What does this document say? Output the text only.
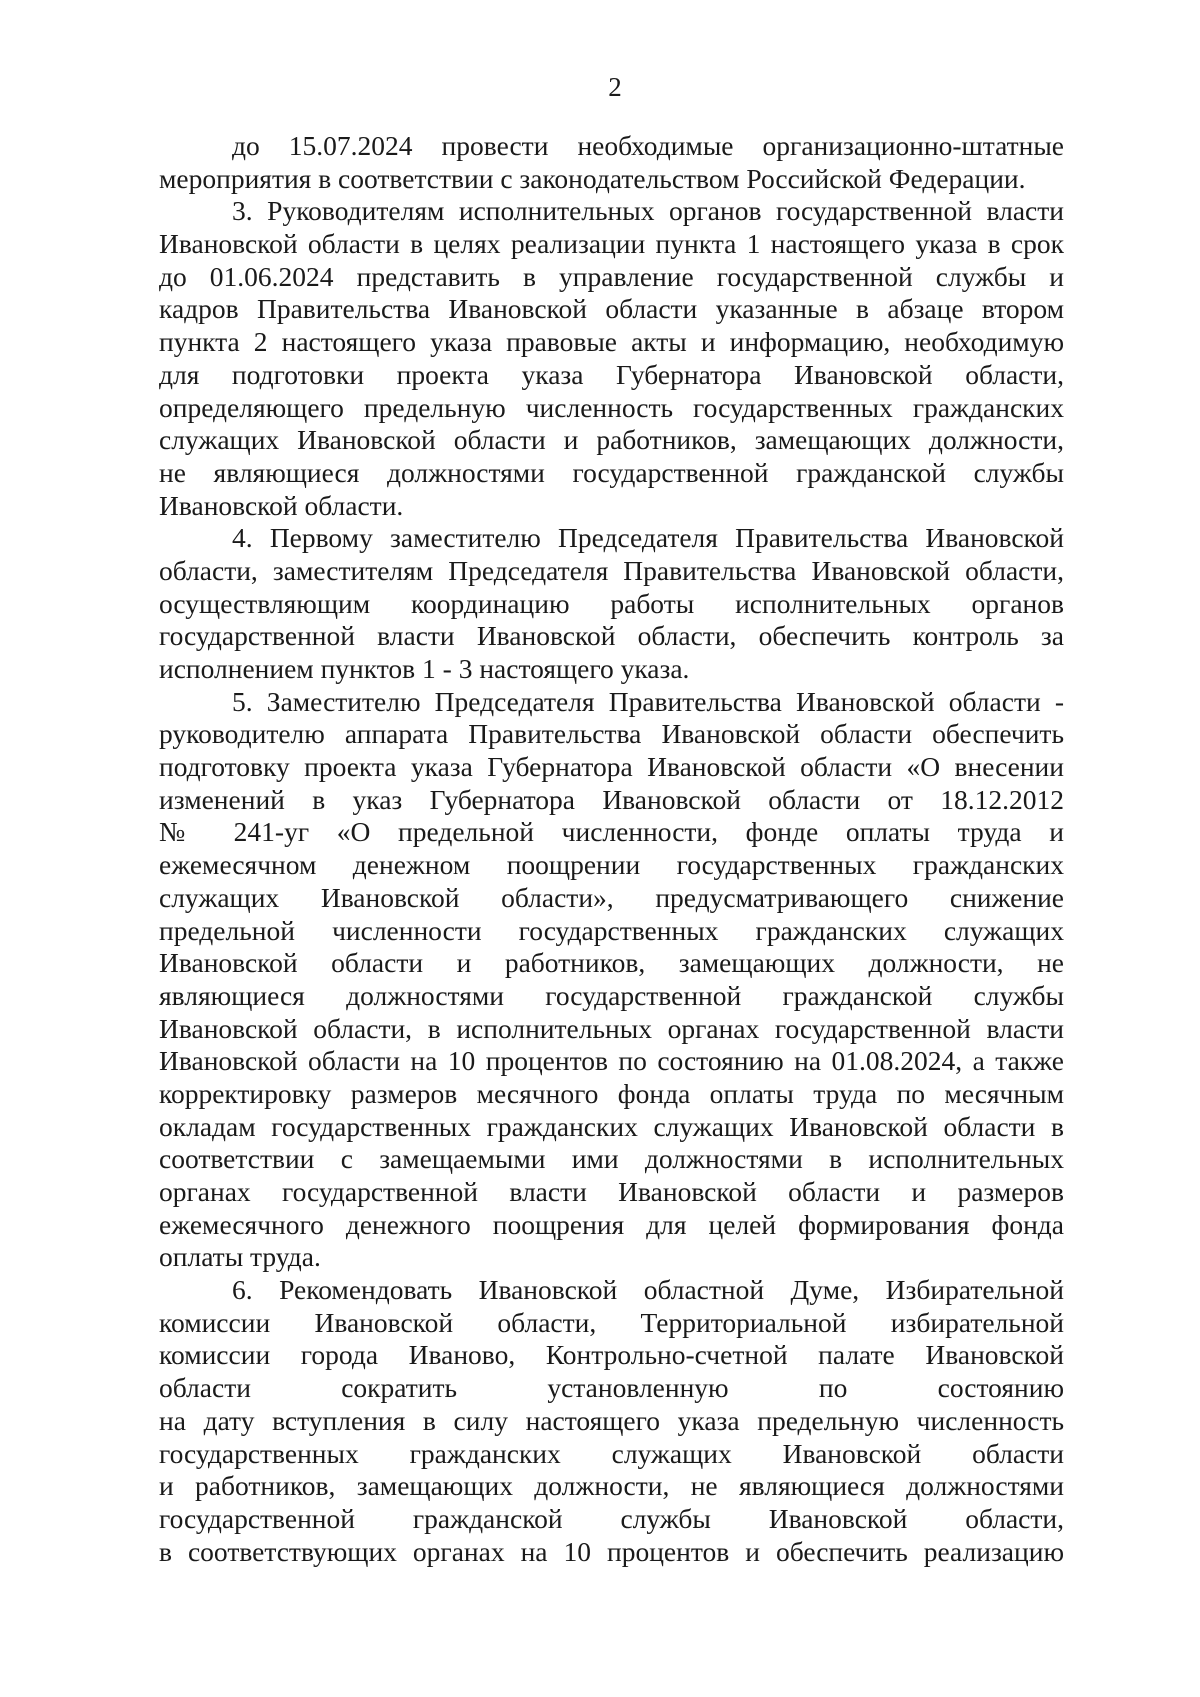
2
до 15.07.2024 провести необходимые организационно-штатные
мероприятия в соответствии с законодательством Российской Федерации.
3. Руководителям исполнительных органов государственной власти
Ивановской области в целях реализации пункта 1 настоящего указа в срок
до 01.06.2024 представить в управление государственной службы и
кадров Правительства Ивановской области указанные в абзаце втором
пункта 2 настоящего указа правовые акты и информацию, необходимую
для подготовки проекта указа Губернатора Ивановской области,
определяющего предельную численность государственных гражданских
служащих Ивановской области и работников, замещающих должности,
не являющиеся должностями государственной гражданской службы
Ивановской области.
4. Первому заместителю Председателя Правительства Ивановской
области, заместителям Председателя Правительства Ивановской области,
осуществляющим координацию работы исполнительных органов
государственной власти Ивановской области, обеспечить контроль за
исполнением пунктов 1 - 3 настоящего указа.
5. Заместителю Председателя Правительства Ивановской области -
руководителю аппарата Правительства Ивановской области обеспечить
подготовку проекта указа Губернатора Ивановской области «О внесении
изменений в указ Губернатора Ивановской области от 18.12.2012
№ 241-уг «О предельной численности, фонде оплаты труда и
ежемесячном денежном поощрении государственных гражданских
служащих Ивановской области», предусматривающего снижение
предельной численности государственных гражданских служащих
Ивановской области и работников, замещающих должности, не
являющиеся должностями государственной гражданской службы
Ивановской области, в исполнительных органах государственной власти
Ивановской области на 10 процентов по состоянию на 01.08.2024, а также
корректировку размеров месячного фонда оплаты труда по месячным
окладам государственных гражданских служащих Ивановской области в
соответствии с замещаемыми ими должностями в исполнительных
органах государственной власти Ивановской области и размеров
ежемесячного денежного поощрения для целей формирования фонда
оплаты труда.
6. Рекомендовать Ивановской областной Думе, Избирательной
комиссии Ивановской области, Территориальной избирательной
комиссии города Иваново, Контрольно-счетной палате Ивановской
области сократить установленную по состоянию
на дату вступления в силу настоящего указа предельную численность
государственных гражданских служащих Ивановской области
и работников, замещающих должности, не являющиеся должностями
государственной гражданской службы Ивановской области,
в соответствующих органах на 10 процентов и обеспечить реализацию
